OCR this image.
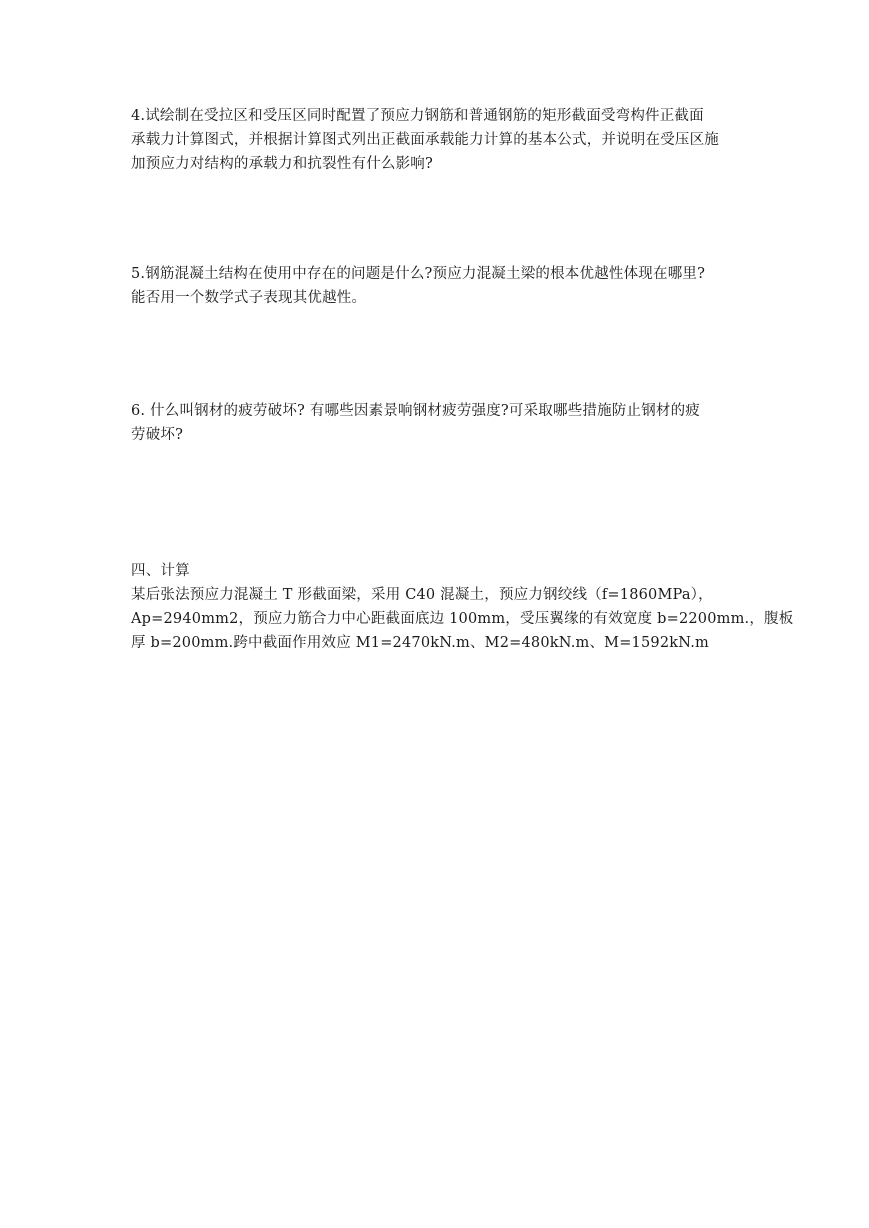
4.试绘制在受拉区和受压区同时配置了预应力钢筋和普通钢筋的矩形截面受弯构件正截面
承载力计算图式，并根据计算图式列出正截面承载能力计算的基本公式，并说明在受压区施
加预应力对结构的承载力和抗裂性有什么影响?
5.钢筋混凝土结构在使用中存在的问题是什么?预应力混凝土梁的根本优越性体现在哪里?
能否用一个数学式子表现其优越性。
6. 什么叫钢材的疲劳破坏? 有哪些因素景响钢材疲劳强度?可采取哪些措施防止钢材的疲
劳破坏?
四、计算
某后张法预应力混凝土 T 形截面梁，采用 C40 混凝土，预应力钢绞线（f=1860MPa），
Ap=2940mm2，预应力筋合力中心距截面底边 100mm，受压翼缘的有效宽度 b=2200mm.，腹板
厚 b=200mm.跨中截面作用效应 M1=2470kN.m、M2=480kN.m、M=1592kN.m
